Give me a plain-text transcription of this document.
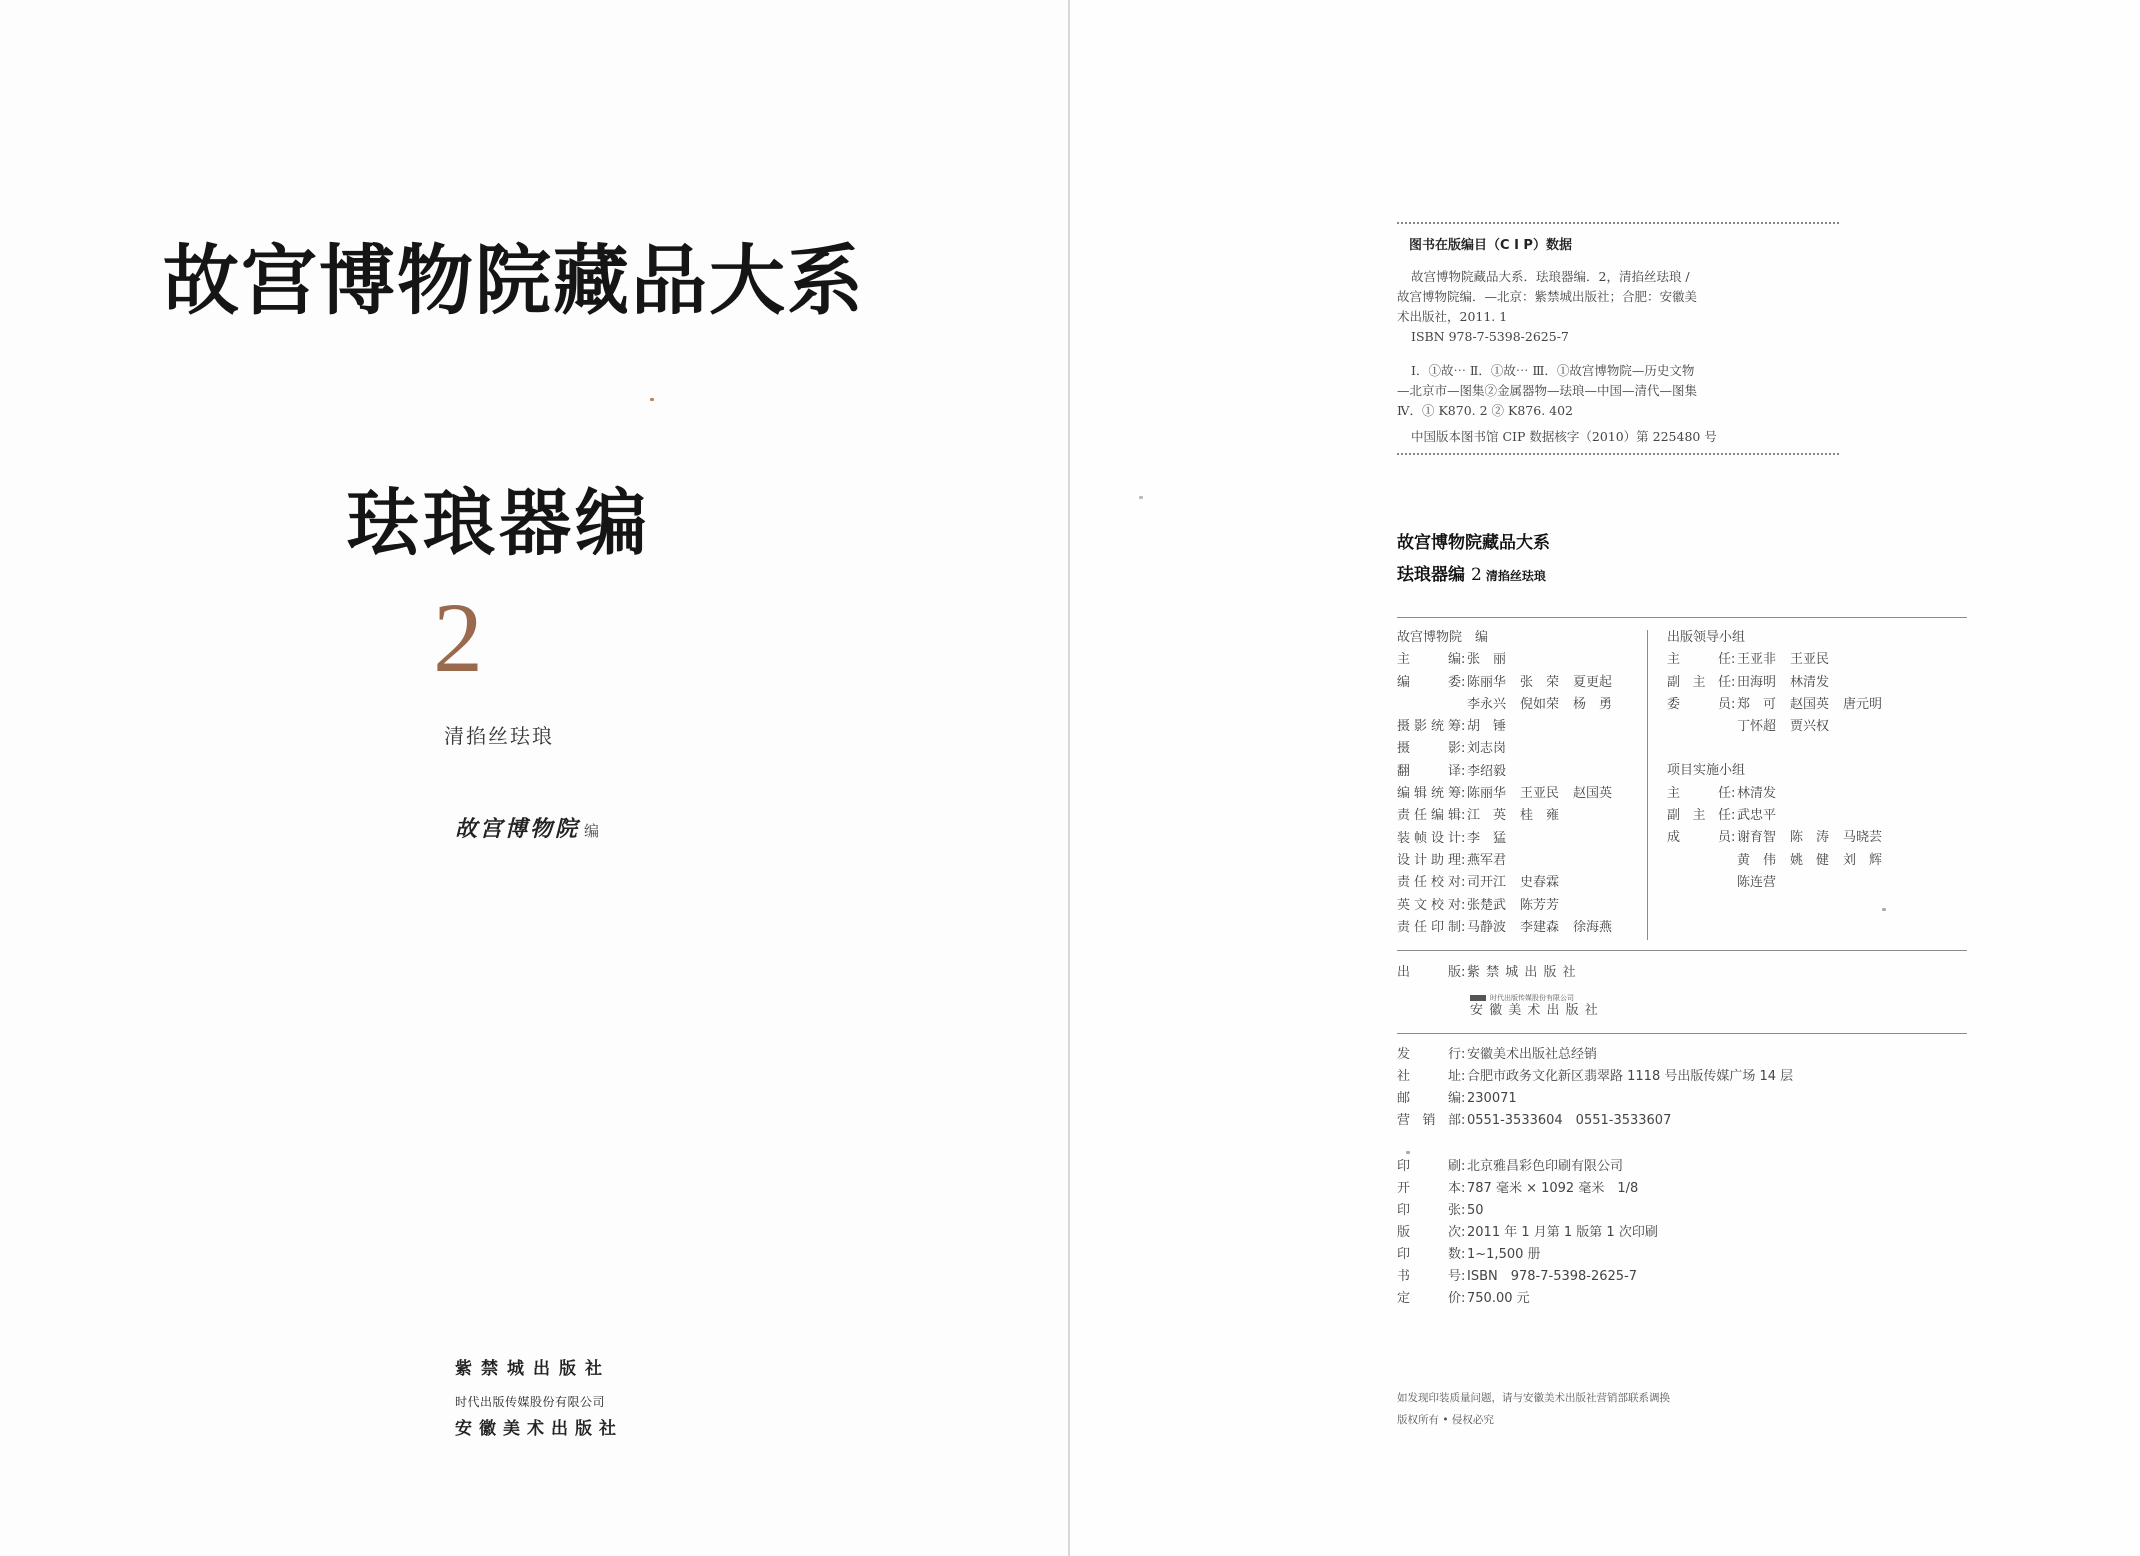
故宫博物院藏品大系
珐琅器编
2
清掐丝珐琅
故宫博物院 编
紫禁城出版社
时代出版传媒股份有限公司
安徽美术出版社
图书在版编目（C I P）数据

故宫博物院藏品大系．珐琅器编．2，清掐丝珐琅 /

故宫博物院编．—北京：紫禁城出版社；合肥：安徽美

术出版社，2011. 1

ISBN 978-7-5398-2625-7

Ⅰ．①故⋯ Ⅱ．①故⋯ Ⅲ．①故宫博物院—历史文物

—北京市—图集②金属器物—珐琅—中国—清代—图集

Ⅳ．① K870. 2 ② K876. 402

中国版本图书馆 CIP 数据核字（2010）第 225480 号

故宫博物院藏品大系
珐琅器编 2 清掐丝珐琅
故宫博物院　编
主　　编: 张　丽
编　　委: 陈丽华 张　荣 夏更起
李永兴 倪如荣 杨　勇
摄影统筹: 胡　锤
摄　　影: 刘志岗
翻　　译: 李绍毅
编辑统筹: 陈丽华 王亚民 赵国英
责任编辑: 江　英 桂　雍
装帧设计: 李　猛
设计助理: 燕军君
责任校对: 司开江 史春霖
英文校对: 张楚武 陈芳芳
责任印制: 马静波 李建森 徐海燕
出版领导小组
主　　任: 王亚非 王亚民
副 主 任: 田海明 林清发
委　　员: 郑　可 赵国英 唐元明
丁怀超 贾兴权
项目实施小组
主　　任: 林清发
副 主 任: 武忠平
成　　员: 谢育智 陈　涛 马晓芸
黄　伟 姚　健 刘　辉
陈连营
出　　版: 紫 禁 城 出 版 社
时代出版传媒股份有限公司
安 徽 美 术 出 版 社
发　　行: 安徽美术出版社总经销
社　　址: 合肥市政务文化新区翡翠路 1118 号出版传媒广场 14 层
邮　　编: 230071
营 销 部: 0551-3533604　0551-3533607
印　　刷: 北京雅昌彩色印刷有限公司
开　　本: 787 毫米 × 1092 毫米　1/8
印　　张: 50
版　　次: 2011 年 1 月第 1 版第 1 次印刷
印　　数: 1~1,500 册
书　　号: ISBN　978-7-5398-2625-7
定　　价: 750.00 元
如发现印装质量问题，请与安徽美术出版社营销部联系调换
版权所有 • 侵权必究
